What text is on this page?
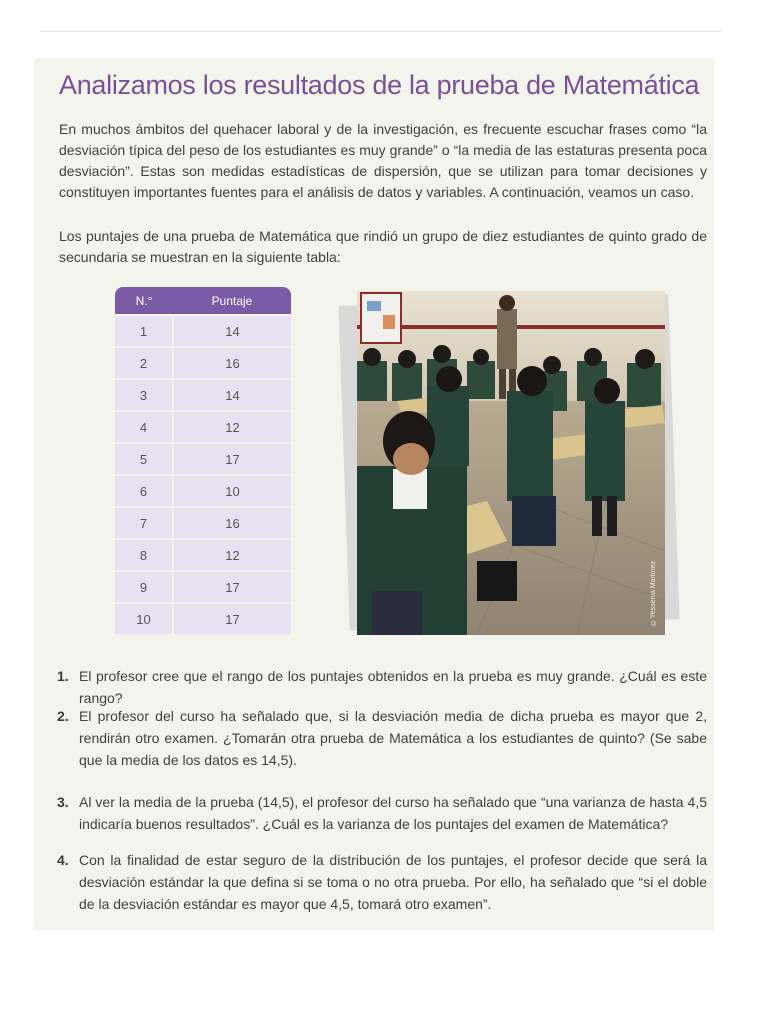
Analizamos los resultados de la prueba de Matemática

En muchos ámbitos del quehacer laboral y de la investigación, es frecuente escuchar frases como “la desviación típica del peso de los estudiantes es muy grande” o “la media de las estaturas presenta poca desviación”. Estas son medidas estadísticas de dispersión, que se utilizan para tomar decisiones y constituyen importantes fuentes para el análisis de datos y variables. A continuación, veamos un caso.

Los puntajes de una prueba de Matemática que rindió un grupo de diez estudiantes de quinto grado de secundaria se muestran en la siguiente tabla:

N.°	Puntaje
1	14
2	16
3	14
4	12
5	17
6	10
7	16
8	12
9	17
10	17	©Yessenia Martínez
1. El profesor cree que el rango de los puntajes obtenidos en la prueba es muy grande. ¿Cuál es este rango?
2. El profesor del curso ha señalado que, si la desviación media de dicha prueba es mayor que 2, rendirán otro examen. ¿Tomarán otra prueba de Matemática a los estudiantes de quinto? (Se sabe que la media de los datos es 14,5).
3. Al ver la media de la prueba (14,5), el profesor del curso ha señalado que “una varianza de hasta 4,5 indicaría buenos resultados”. ¿Cuál es la varianza de los puntajes del examen de Matemática?
4. Con la finalidad de estar seguro de la distribución de los puntajes, el profesor decide que será la desviación estándar la que defina si se toma o no otra prueba. Por ello, ha señalado que “si el doble de la desviación estándar es mayor que 4,5, tomará otro examen”.
